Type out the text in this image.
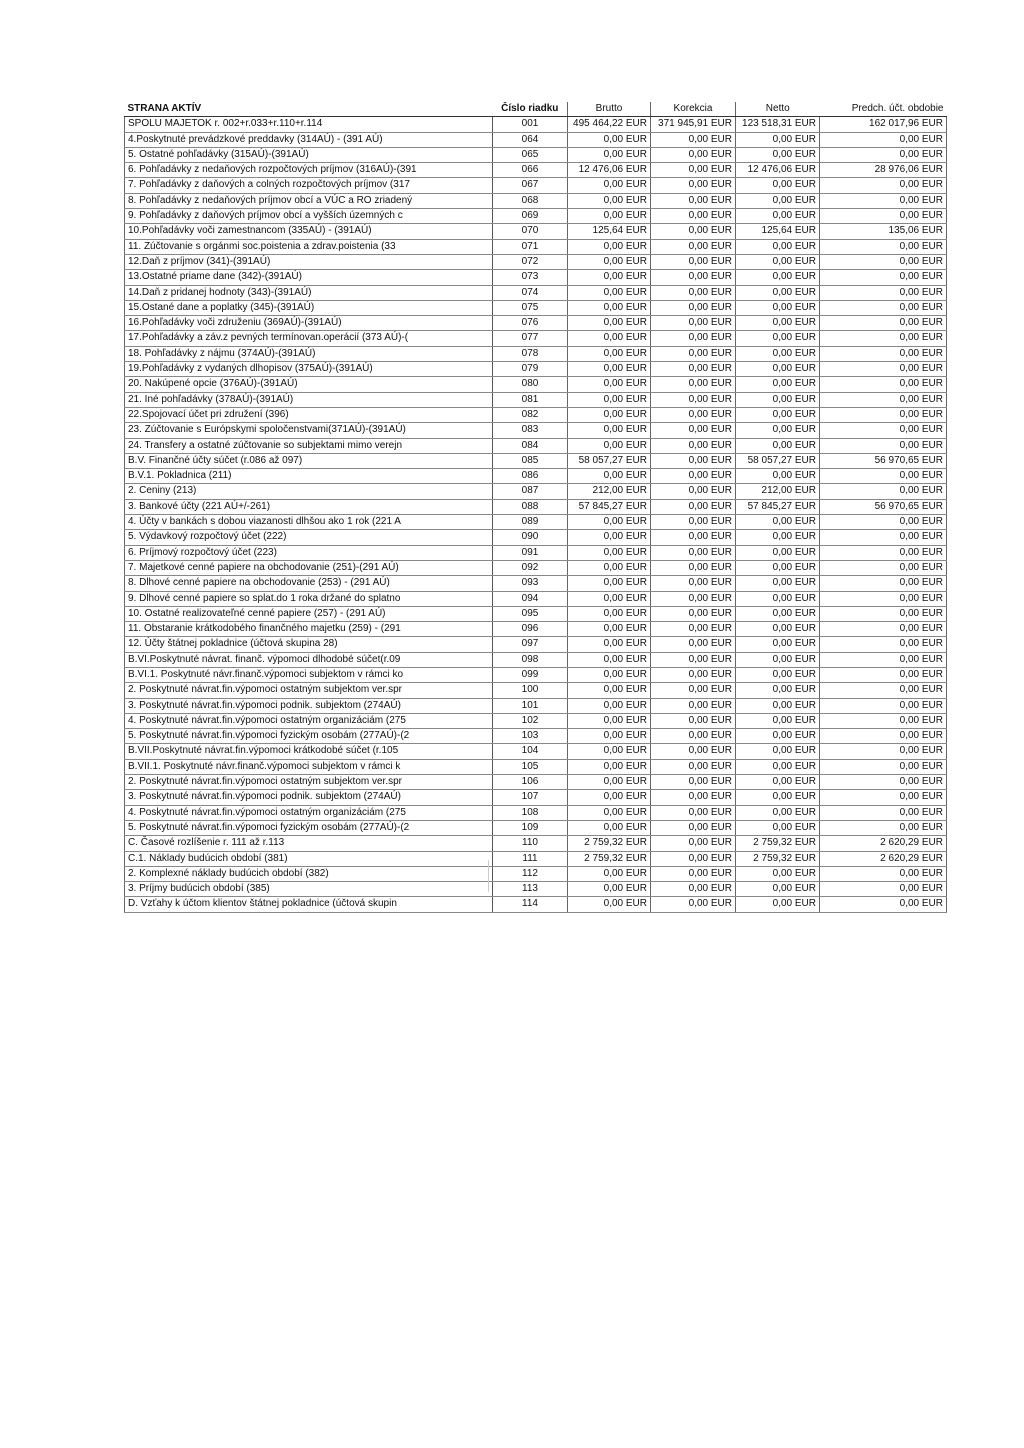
STRANA AKTÍV	Číslo riadku	Brutto	Korekcia	Netto	Predch. účt. obdobie
SPOLU MAJETOK r. 002+r.033+r.110+r.114	001	495 464,22 EUR	371 945,91 EUR	123 518,31 EUR	162 017,96 EUR
4.Poskytnuté prevádzkové preddavky (314AÚ) - (391 AÚ)	064	0,00 EUR	0,00 EUR	0,00 EUR	0,00 EUR
5. Ostatné pohľadávky (315AÚ)-(391AÚ)	065	0,00 EUR	0,00 EUR	0,00 EUR	0,00 EUR
6. Pohľadávky z nedaňových rozpočtových príjmov (316AÚ)-(391	066	12 476,06 EUR	0,00 EUR	12 476,06 EUR	28 976,06 EUR
7. Pohľadávky z daňových a colných rozpočtových príjmov (317	067	0,00 EUR	0,00 EUR	0,00 EUR	0,00 EUR
8. Pohľadávky z nedaňových príjmov obcí a VÚC a RO zriadený	068	0,00 EUR	0,00 EUR	0,00 EUR	0,00 EUR
9. Pohľadávky z daňových príjmov obcí a vyšších územných c	069	0,00 EUR	0,00 EUR	0,00 EUR	0,00 EUR
10.Pohľadávky voči zamestnancom (335AÚ) - (391AÚ)	070	125,64 EUR	0,00 EUR	125,64 EUR	135,06 EUR
11. Zúčtovanie s orgánmi soc.poistenia a zdrav.poistenia (33	071	0,00 EUR	0,00 EUR	0,00 EUR	0,00 EUR
12.Daň z príjmov (341)-(391AÚ)	072	0,00 EUR	0,00 EUR	0,00 EUR	0,00 EUR
13.Ostatné priame dane (342)-(391AÚ)	073	0,00 EUR	0,00 EUR	0,00 EUR	0,00 EUR
14.Daň z pridanej hodnoty (343)-(391AÚ)	074	0,00 EUR	0,00 EUR	0,00 EUR	0,00 EUR
15.Ostané dane a poplatky (345)-(391AÚ)	075	0,00 EUR	0,00 EUR	0,00 EUR	0,00 EUR
16.Pohľadávky voči združeniu (369AÚ)-(391AÚ)	076	0,00 EUR	0,00 EUR	0,00 EUR	0,00 EUR
17.Pohľadávky a záv.z pevných termínovan.operácií (373 AÚ)-(	077	0,00 EUR	0,00 EUR	0,00 EUR	0,00 EUR
18. Pohľadávky z nájmu (374AÚ)-(391AÚ)	078	0,00 EUR	0,00 EUR	0,00 EUR	0,00 EUR
19.Pohľadávky z vydaných dlhopisov (375AÚ)-(391AÚ)	079	0,00 EUR	0,00 EUR	0,00 EUR	0,00 EUR
20. Nakúpené opcie (376AÚ)-(391AÚ)	080	0,00 EUR	0,00 EUR	0,00 EUR	0,00 EUR
21. Iné pohľadávky (378AÚ)-(391AÚ)	081	0,00 EUR	0,00 EUR	0,00 EUR	0,00 EUR
22.Spojovací účet pri združení (396)	082	0,00 EUR	0,00 EUR	0,00 EUR	0,00 EUR
23. Zúčtovanie s Európskymi spoločenstvami(371AÚ)-(391AÚ)	083	0,00 EUR	0,00 EUR	0,00 EUR	0,00 EUR
24. Transfery a ostatné zúčtovanie so subjektami mimo verejn	084	0,00 EUR	0,00 EUR	0,00 EUR	0,00 EUR
B.V. Finančné účty súčet (r.086 až 097)	085	58 057,27 EUR	0,00 EUR	58 057,27 EUR	56 970,65 EUR
B.V.1. Pokladnica (211)	086	0,00 EUR	0,00 EUR	0,00 EUR	0,00 EUR
2. Ceniny (213)	087	212,00 EUR	0,00 EUR	212,00 EUR	0,00 EUR
3. Bankové účty (221 AÚ+/-261)	088	57 845,27 EUR	0,00 EUR	57 845,27 EUR	56 970,65 EUR
4. Účty v bankách s dobou viazanosti dlhšou ako 1 rok (221 A	089	0,00 EUR	0,00 EUR	0,00 EUR	0,00 EUR
5. Výdavkový rozpočtový účet (222)	090	0,00 EUR	0,00 EUR	0,00 EUR	0,00 EUR
6. Príjmový rozpočtový účet (223)	091	0,00 EUR	0,00 EUR	0,00 EUR	0,00 EUR
7. Majetkové cenné papiere na obchodovanie (251)-(291 AÚ)	092	0,00 EUR	0,00 EUR	0,00 EUR	0,00 EUR
8. Dlhové cenné papiere na obchodovanie (253) - (291 AÚ)	093	0,00 EUR	0,00 EUR	0,00 EUR	0,00 EUR
9. Dlhové cenné papiere so splat.do 1 roka držané do splatno	094	0,00 EUR	0,00 EUR	0,00 EUR	0,00 EUR
10. Ostatné realizovateľné cenné papiere (257) - (291 AÚ)	095	0,00 EUR	0,00 EUR	0,00 EUR	0,00 EUR
11. Obstaranie krátkodobého finančného majetku (259) - (291	096	0,00 EUR	0,00 EUR	0,00 EUR	0,00 EUR
12. Účty štátnej pokladnice (účtová skupina 28)	097	0,00 EUR	0,00 EUR	0,00 EUR	0,00 EUR
B.VI.Poskytnuté návrat. finanč. výpomoci dlhodobé súčet(r.09	098	0,00 EUR	0,00 EUR	0,00 EUR	0,00 EUR
B.VI.1. Poskytnuté návr.finanč.výpomoci subjektom v rámci ko	099	0,00 EUR	0,00 EUR	0,00 EUR	0,00 EUR
2. Poskytnuté návrat.fin.výpomoci ostatným subjektom ver.spr	100	0,00 EUR	0,00 EUR	0,00 EUR	0,00 EUR
3. Poskytnuté návrat.fin.výpomoci podnik. subjektom (274AÚ)	101	0,00 EUR	0,00 EUR	0,00 EUR	0,00 EUR
4. Poskytnuté návrat.fin.výpomoci ostatným organizáciám (275	102	0,00 EUR	0,00 EUR	0,00 EUR	0,00 EUR
5. Poskytnuté návrat.fin.výpomoci fyzickým osobám (277AÚ)-(2	103	0,00 EUR	0,00 EUR	0,00 EUR	0,00 EUR
B.VII.Poskytnuté návrat.fin.výpomoci krátkodobé súčet (r.105	104	0,00 EUR	0,00 EUR	0,00 EUR	0,00 EUR
B.VII.1. Poskytnuté návr.finanč.výpomoci subjektom v rámci k	105	0,00 EUR	0,00 EUR	0,00 EUR	0,00 EUR
2. Poskytnuté návrat.fin.výpomoci ostatným subjektom ver.spr	106	0,00 EUR	0,00 EUR	0,00 EUR	0,00 EUR
3. Poskytnuté návrat.fin.výpomoci podnik. subjektom (274AÚ)	107	0,00 EUR	0,00 EUR	0,00 EUR	0,00 EUR
4. Poskytnuté návrat.fin.výpomoci ostatným organizáciám (275	108	0,00 EUR	0,00 EUR	0,00 EUR	0,00 EUR
5. Poskytnuté návrat.fin.výpomoci fyzickým osobám (277AÚ)-(2	109	0,00 EUR	0,00 EUR	0,00 EUR	0,00 EUR
C. Časové rozlíšenie r. 111 až r.113	110	2 759,32 EUR	0,00 EUR	2 759,32 EUR	2 620,29 EUR
C.1. Náklady budúcich období (381)	111	2 759,32 EUR	0,00 EUR	2 759,32 EUR	2 620,29 EUR
2. Komplexné náklady budúcich období (382)	112	0,00 EUR	0,00 EUR	0,00 EUR	0,00 EUR
3. Príjmy budúcich období (385)	113	0,00 EUR	0,00 EUR	0,00 EUR	0,00 EUR
D. Vzťahy k účtom klientov štátnej pokladnice (účtová skupin	114	0,00 EUR	0,00 EUR	0,00 EUR	0,00 EUR
